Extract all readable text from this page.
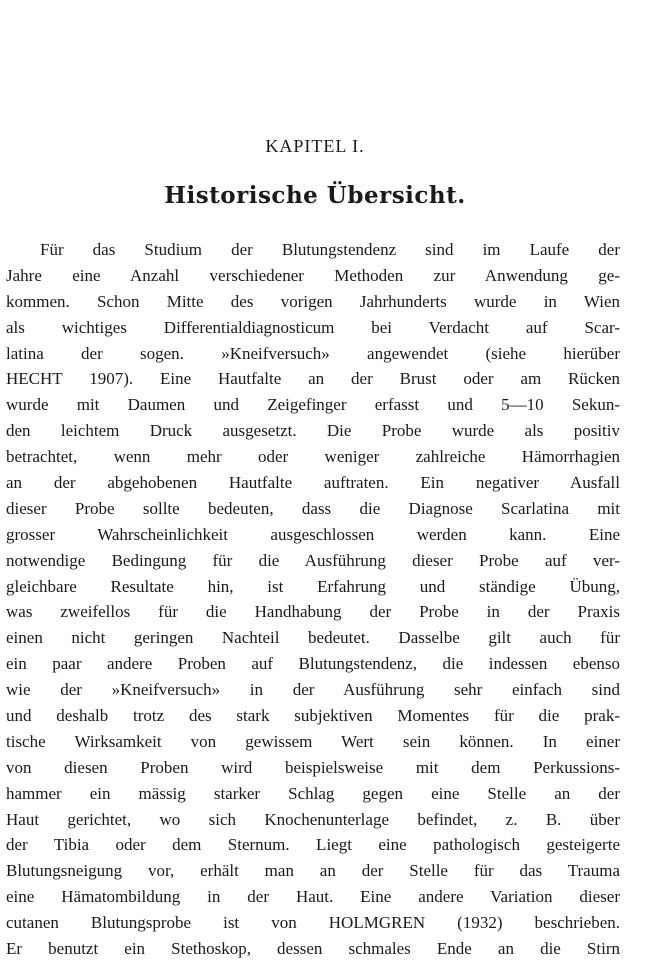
KAPITEL I.
Historische Übersicht.
Für das Studium der Blutungstendenz sind im Laufe der
Jahre eine Anzahl verschiedener Methoden zur Anwendung ge-
kommen. Schon Mitte des vorigen Jahrhunderts wurde in Wien
als wichtiges Differentialdiagnosticum bei Verdacht auf Scar-
latina der sogen. »Kneifversuch» angewendet (siehe hierüber
HECHT 1907). Eine Hautfalte an der Brust oder am Rücken
wurde mit Daumen und Zeigefinger erfasst und 5—10 Sekun-
den leichtem Druck ausgesetzt. Die Probe wurde als positiv
betrachtet, wenn mehr oder weniger zahlreiche Hämorrhagien
an der abgehobenen Hautfalte auftraten. Ein negativer Ausfall
dieser Probe sollte bedeuten, dass die Diagnose Scarlatina mit
grosser Wahrscheinlichkeit ausgeschlossen werden kann. Eine
notwendige Bedingung für die Ausführung dieser Probe auf ver-
gleichbare Resultate hin, ist Erfahrung und ständige Übung,
was zweifellos für die Handhabung der Probe in der Praxis
einen nicht geringen Nachteil bedeutet. Dasselbe gilt auch für
ein paar andere Proben auf Blutungstendenz, die indessen ebenso
wie der »Kneifversuch» in der Ausführung sehr einfach sind
und deshalb trotz des stark subjektiven Momentes für die prak-
tische Wirksamkeit von gewissem Wert sein können. In einer
von diesen Proben wird beispielsweise mit dem Perkussions-
hammer ein mässig starker Schlag gegen eine Stelle an der
Haut gerichtet, wo sich Knochenunterlage befindet, z. B. über
der Tibia oder dem Sternum. Liegt eine pathologisch gesteigerte
Blutungsneigung vor, erhält man an der Stelle für das Trauma
eine Hämatombildung in der Haut. Eine andere Variation dieser
cutanen Blutungsprobe ist von HOLMGREN (1932) beschrieben.
Er benutzt ein Stethoskop, dessen schmales Ende an die Stirn
